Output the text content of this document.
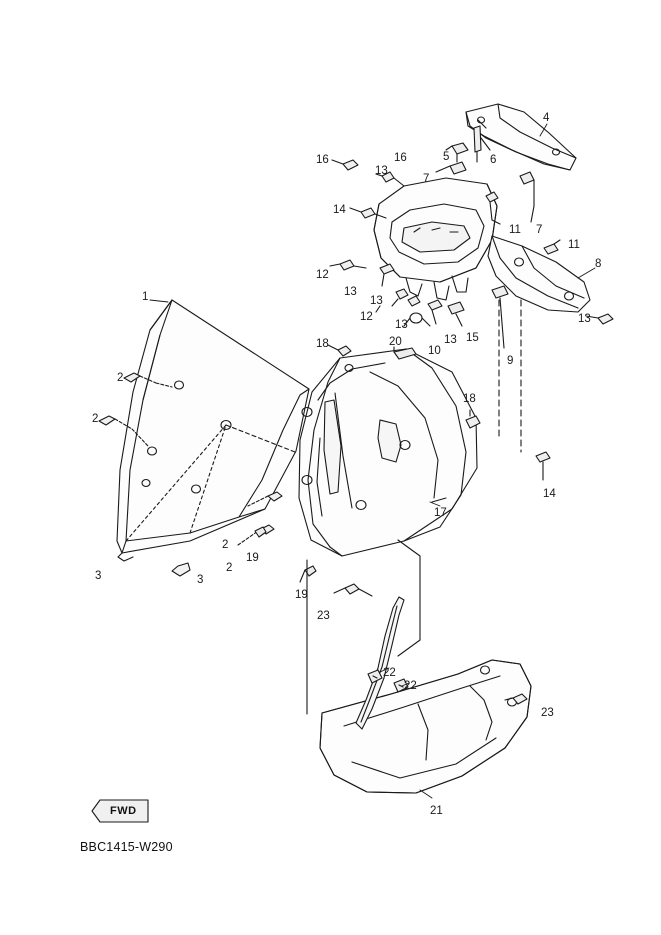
1
2
2
2
2
3	3
4
5	6
7
7
8
9
10
11
11
12
12
13
13
13
13
13
13
14
14
15
16	16
17
18
18
19
19
20
21
22
22
23
23
FWD
BBC1415-W290
